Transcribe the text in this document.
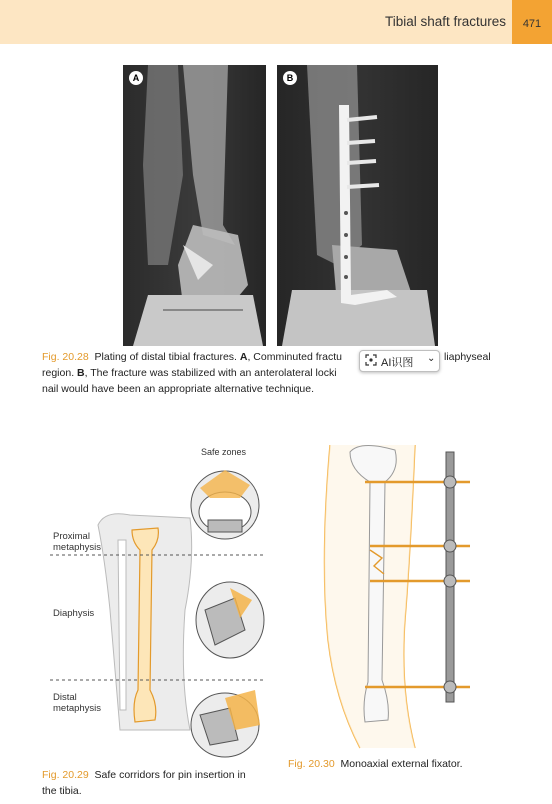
Tibial shaft fractures	471
A	B
Fig. 20.28 Plating of distal tibial fractures. A, Comminuted fractu	liaphyseal
region. B, The fracture was stabilized with an anterolateral locki
nail would have been an appropriate alternative technique.
AI识图 ⌄
Safe zones
Proximal
metaphysis
Diaphysis
Distal
metaphysis
Fig. 20.29 Safe corridors for pin insertion in
the tibia.
Fig. 20.30 Monoaxial external fixator.
